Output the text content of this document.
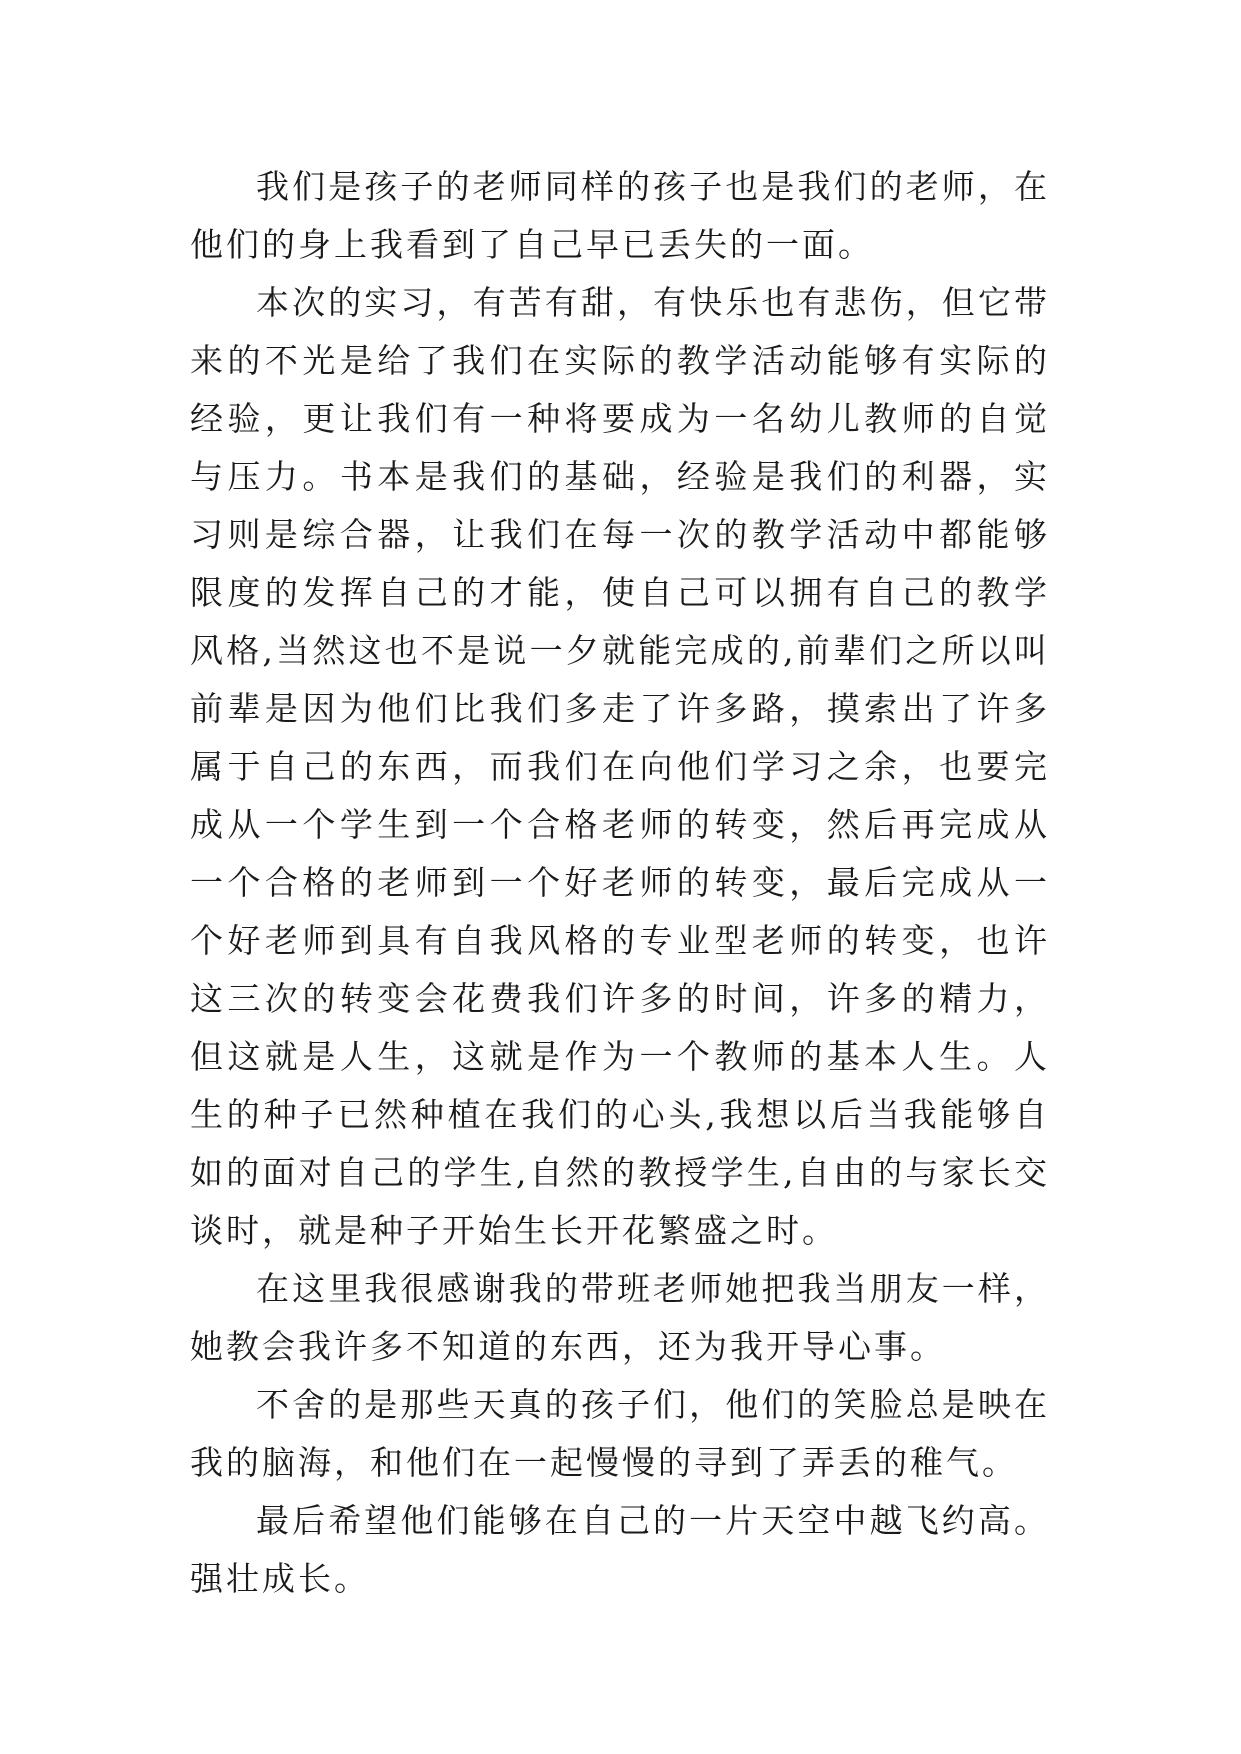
我们是孩子的老师同样的孩子也是我们的老师，在他们的身上我看到了自己早已丢失的一面。

本次的实习，有苦有甜，有快乐也有悲伤，但它带来的不光是给了我们在实际的教学活动能够有实际的经验，更让我们有一种将要成为一名幼儿教师的自觉与压力。书本是我们的基础，经验是我们的利器，实习则是综合器，让我们在每一次的教学活动中都能够限度的发挥自己的才能，使自己可以拥有自己的教学风格,当然这也不是说一夕就能完成的,前辈们之所以叫前辈是因为他们比我们多走了许多路，摸索出了许多属于自己的东西，而我们在向他们学习之余，也要完成从一个学生到一个合格老师的转变，然后再完成从一个合格的老师到一个好老师的转变，最后完成从一个好老师到具有自我风格的专业型老师的转变，也许这三次的转变会花费我们许多的时间，许多的精力，但这就是人生，这就是作为一个教师的基本人生。人生的种子已然种植在我们的心头,我想以后当我能够自如的面对自己的学生,自然的教授学生,自由的与家长交谈时，就是种子开始生长开花繁盛之时。

在这里我很感谢我的带班老师她把我当朋友一样，她教会我许多不知道的东西，还为我开导心事。

不舍的是那些天真的孩子们，他们的笑脸总是映在我的脑海，和他们在一起慢慢的寻到了弄丢的稚气。

最后希望他们能够在自己的一片天空中越飞约高。强壮成长。
